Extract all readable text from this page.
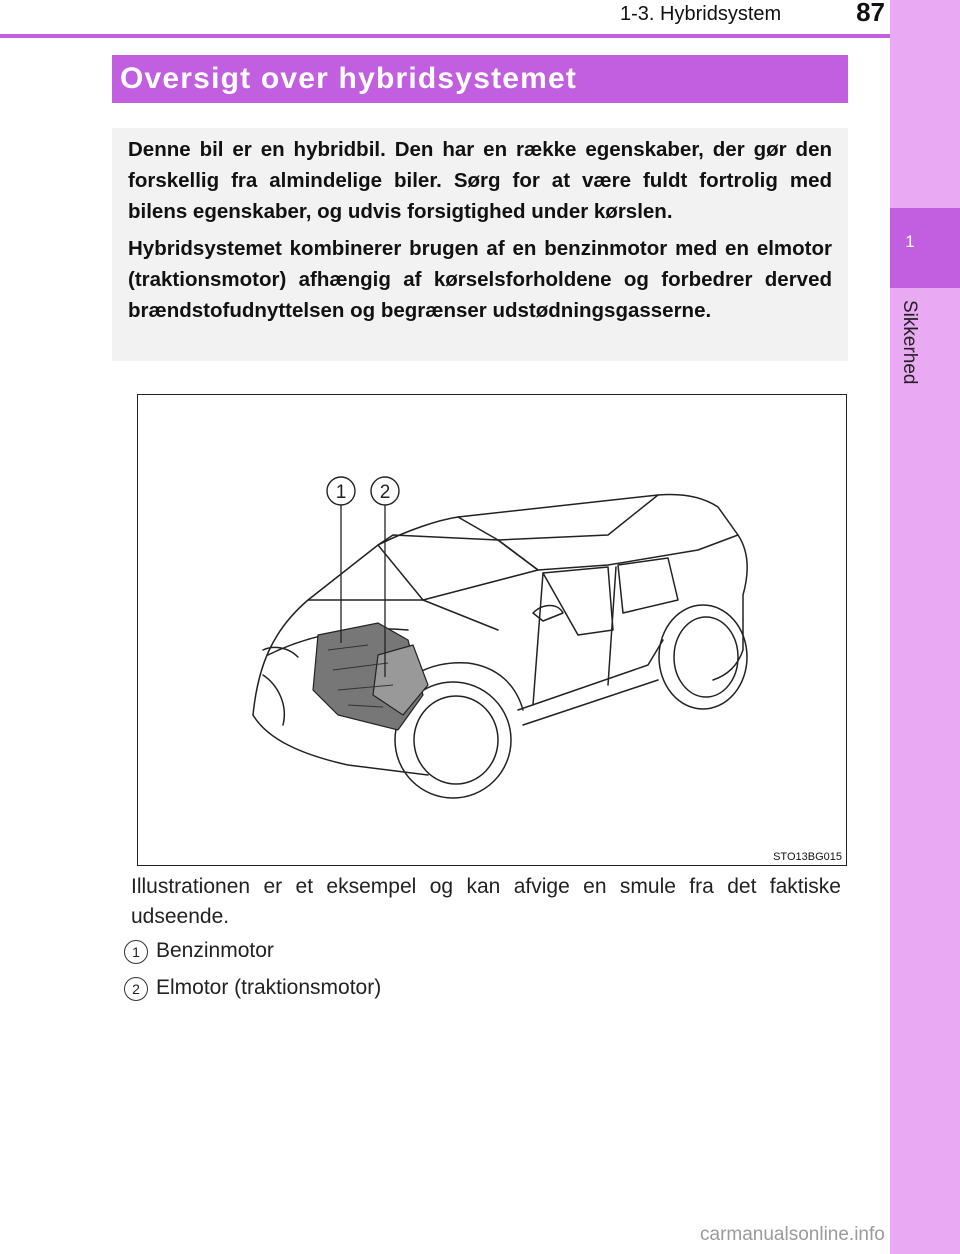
1
Sikkerhed
1-3. Hybridsystem	87
Oversigt over hybridsystemet

Denne bil er en hybridbil. Den har en række egenskaber, der gør den forskellig fra almindelige biler. Sørg for at være fuldt fortrolig med bilens egenskaber, og udvis forsigtighed under kørslen.

Hybridsystemet kombinerer brugen af en benzinmotor med en elmotor (traktionsmotor) afhængig af kørselsforholdene og forbedrer derved brændstofudnyttelsen og begrænser udstødningsgasserne.

1 2
STO13BG015
Illustrationen er et eksempel og kan afvige en smule fra det faktiske udseende.
1 Benzinmotor
2 Elmotor (traktionsmotor)
carmanualsonline.info
